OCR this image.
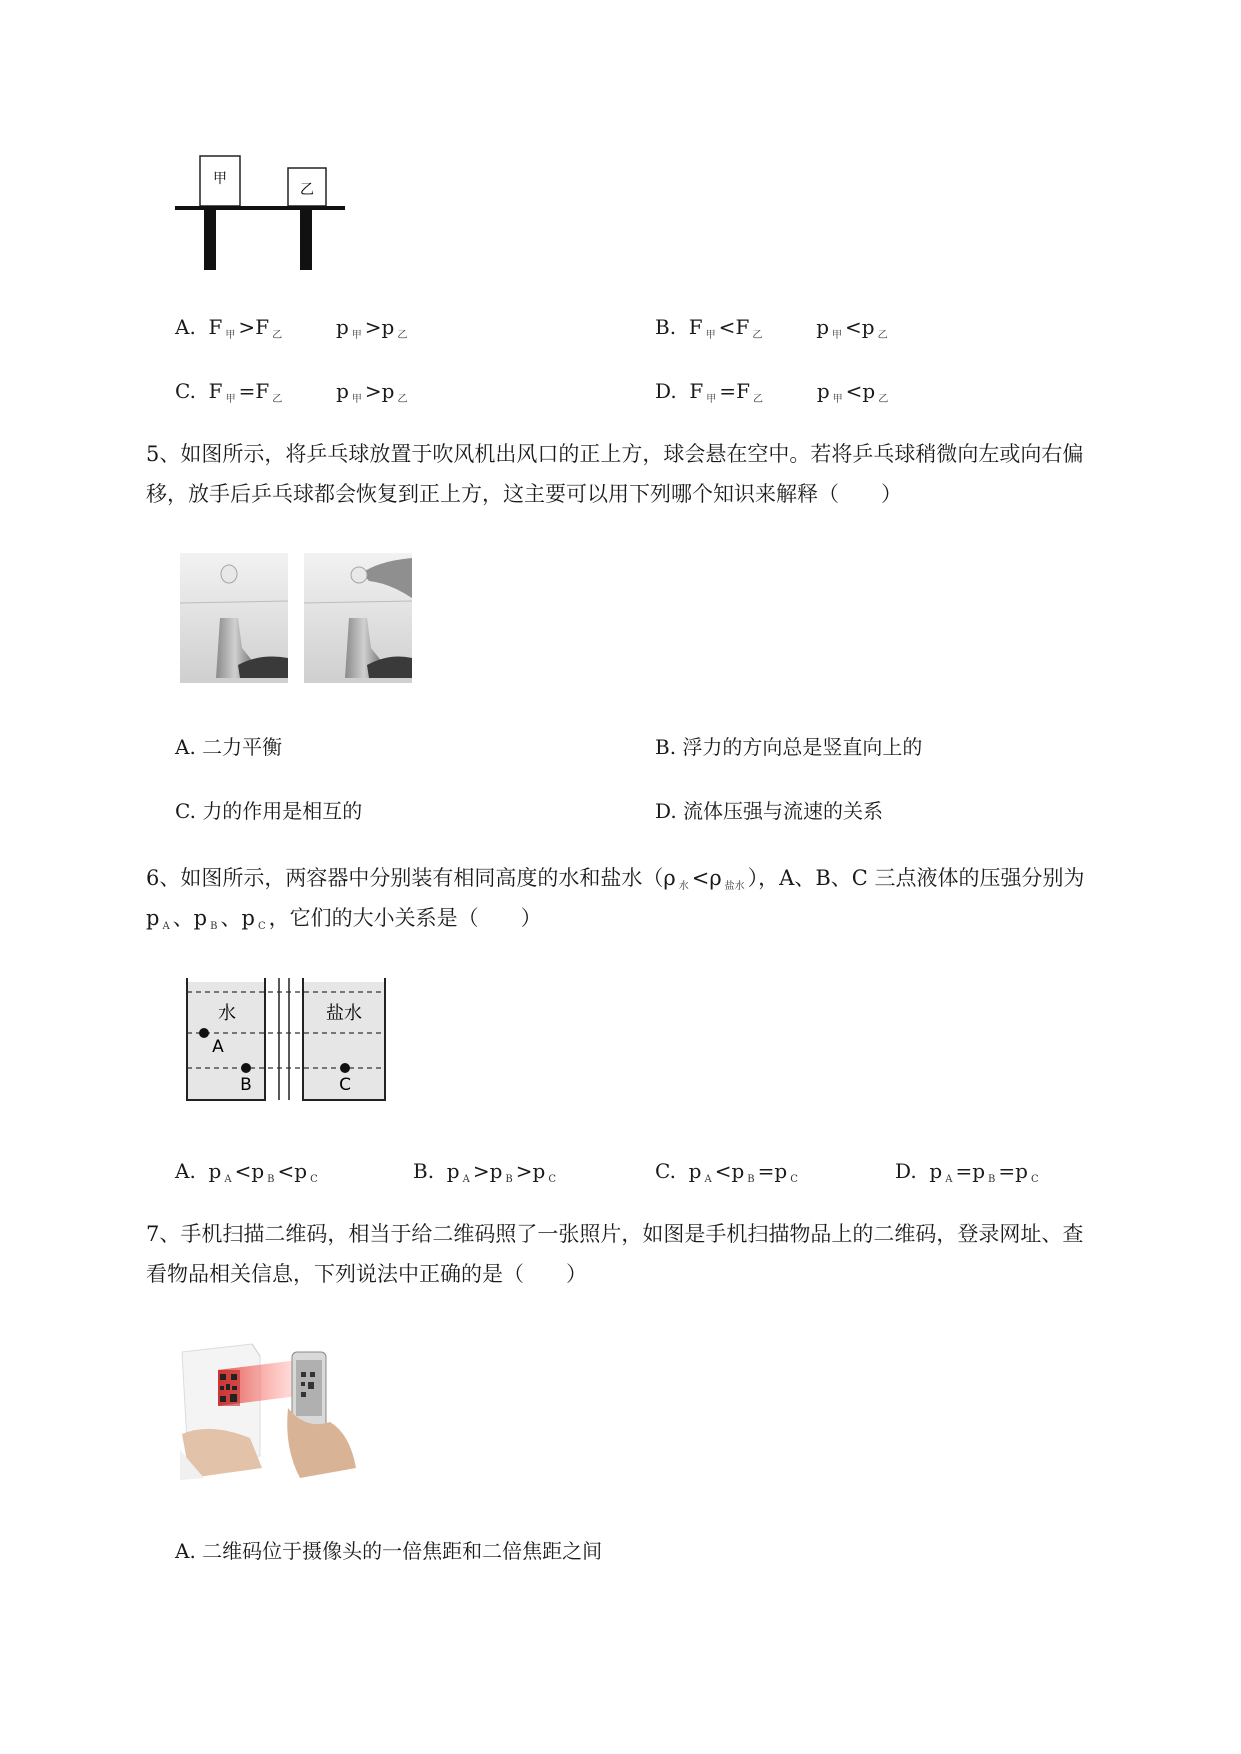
甲
乙
A. F $_甲$ >F $_乙$	p $_甲$ >p $_乙$	B. F $_甲$ <F $_乙$	p $_甲$ <p $_乙$
C. F $_甲$ =F $_乙$	p $_甲$ >p $_乙$	D. F $_甲$ =F $_乙$	p $_甲$ <p $_乙$
5、如图所示，将乒乓球放置于吹风机出风口的正上方，球会悬在空中。若将乒乓球稍微向左或向右偏
移，放手后乒乓球都会恢复到正上方，这主要可以用下列哪个知识来解释（　　）
A. 二力平衡	B. 浮力的方向总是竖直向上的
C. 力的作用是相互的	D. 流体压强与流速的关系
6、如图所示，两容器中分别装有相同高度的水和盐水（ρ 水 <ρ 盐水 ），A、B、C 三点液体的压强分别为
p A 、p B 、p C ，它们的大小关系是（　　）
水	盐水
A
B	C
A. p $_A$ <p $_B$ <p $_C$	B. p $_A$ >p $_B$ >p $_C$	C. p $_A$ <p $_B$ =p $_C$	D. p $_A$ =p $_B$ =p $_C$
7、手机扫描二维码，相当于给二维码照了一张照片，如图是手机扫描物品上的二维码，登录网址、查
看物品相关信息，下列说法中正确的是（　　）
A. 二维码位于摄像头的一倍焦距和二倍焦距之间
